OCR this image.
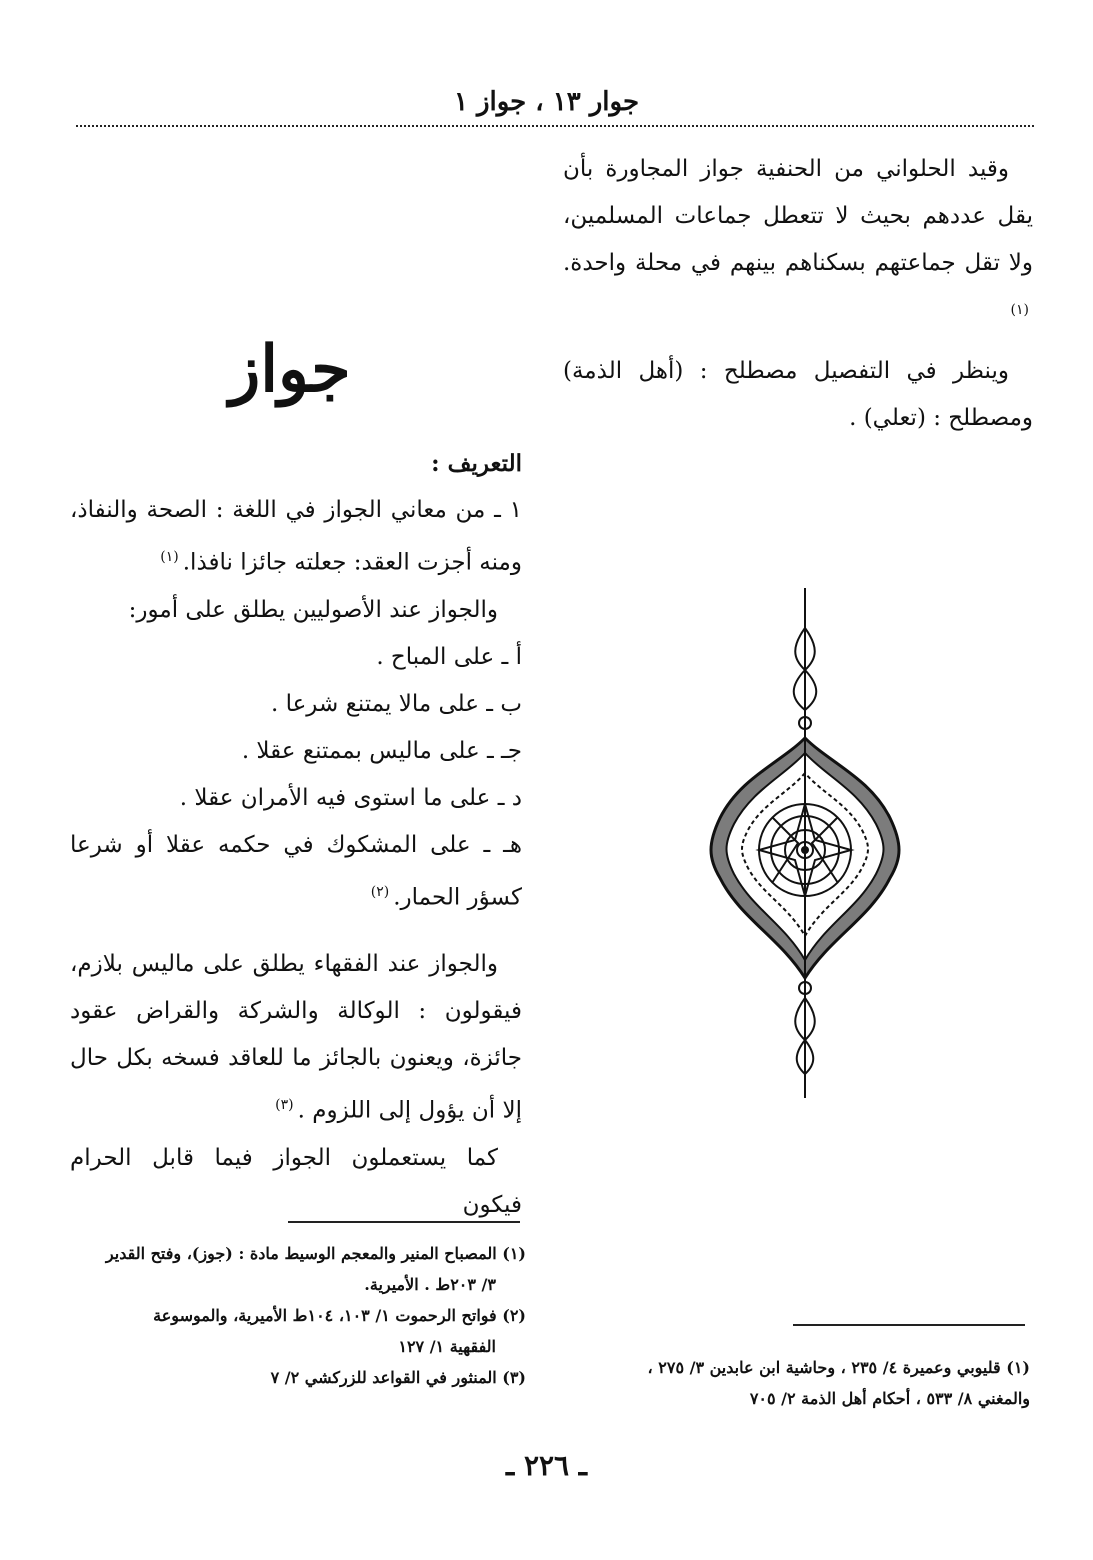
جوار ١٣ ، جواز ١

وقيد الحلواني من الحنفية جواز المجاورة بأن يقل عددهم بحيث لا تتعطل جماعات المسلمين، ولا تقل جماعتهم بسكناهم بينهم في محلة واحدة.$^{(١)}$

وينظر في التفصيل مصطلح : (أهل الذمة) ومصطلح : (تعلي) .

جواز

التعريف :

١ ـ من معاني الجواز في اللغة : الصحة والنفاذ، ومنه أجزت العقد: جعلته جائزا نافذا.$^{(١)}$

والجواز عند الأصوليين يطلق على أمور:

أ ـ على المباح .

ب ـ على مالا يمتنع شرعا .

جـ ـ على ماليس بممتنع عقلا .

د ـ على ما استوى فيه الأمران عقلا .

هـ ـ على المشكوك في حكمه عقلا أو شرعا كسؤر الحمار.$^{(٢)}$

والجواز عند الفقهاء يطلق على ماليس بلازم، فيقولون : الوكالة والشركة والقراض عقود جائزة، ويعنون بالجائز ما للعاقد فسخه بكل حال إلا أن يؤول إلى اللزوم .$^{(٣)}$

كما يستعملون الجواز فيما قابل الحرام فيكون

(١) المصباح المنير والمعجم الوسيط مادة : (جوز)، وفتح القدير

٣/ ٢٠٣ط . الأميرية.

(٢) فواتح الرحموت ١/ ١٠٣، ١٠٤ط الأميرية، والموسوعة

الفقهية ١/ ١٢٧

(٣) المنثور في القواعد للزركشي ٢/ ٧

(١) قليوبي وعميرة ٤/ ٢٣٥ ، وحاشية ابن عابدين ٣/ ٢٧٥ ،

والمغني ٨/ ٥٣٣ ، أحكام أهل الذمة ٢/ ٧٠٥

ـ ٢٢٦ ـ
